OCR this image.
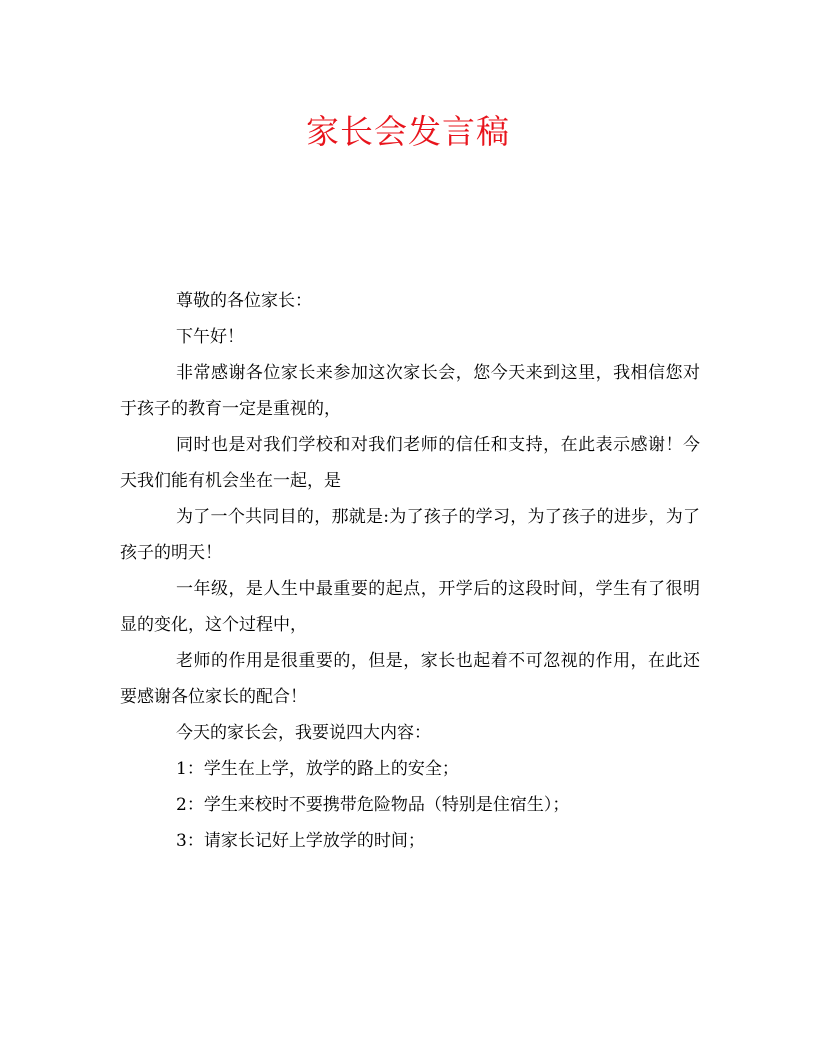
家长会发言稿

尊敬的各位家长：

下午好！

非常感谢各位家长来参加这次家长会，您今天来到这里，我相信您对于孩子的教育一定是重视的，

同时也是对我们学校和对我们老师的信任和支持，在此表示感谢！今天我们能有机会坐在一起，是

为了一个共同目的，那就是:为了孩子的学习，为了孩子的进步，为了孩子的明天！

一年级，是人生中最重要的起点，开学后的这段时间，学生有了很明显的变化，这个过程中，

老师的作用是很重要的，但是，家长也起着不可忽视的作用，在此还要感谢各位家长的配合！

今天的家长会，我要说四大内容：

1：学生在上学，放学的路上的安全；

2：学生来校时不要携带危险物品（特别是住宿生）；

3：请家长记好上学放学的时间；
